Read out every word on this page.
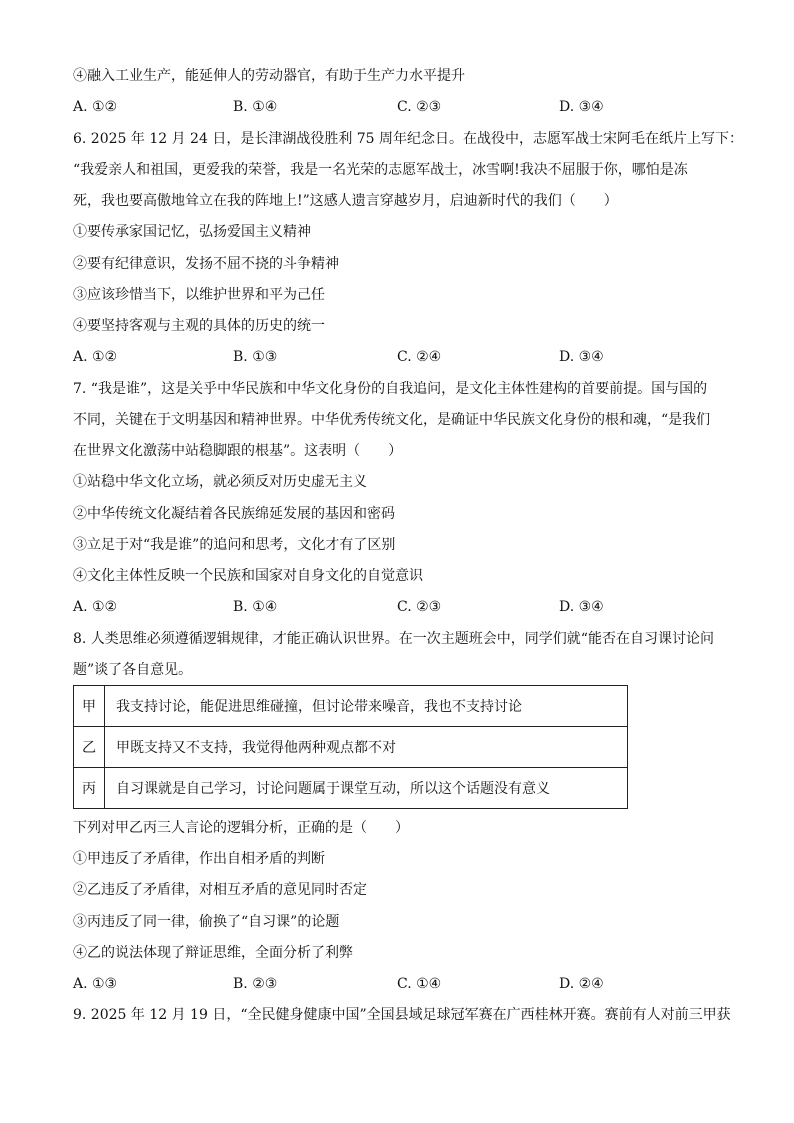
④融入工业生产，能延伸人的劳动器官，有助于生产力水平提升
A. ①②	B. ①④	C. ②③	D. ③④
6. 2025 年 12 月 24 日，是长津湖战役胜利 75 周年纪念日。在战役中，志愿军战士宋阿毛在纸片上写下：
“我爱亲人和祖国，更爱我的荣誉，我是一名光荣的志愿军战士，冰雪啊!我决不屈服于你，哪怕是冻
死，我也要高傲地耸立在我的阵地上!”这感人遗言穿越岁月，启迪新时代的我们（　　）
①要传承家国记忆，弘扬爱国主义精神
②要有纪律意识，发扬不屈不挠的斗争精神
③应该珍惜当下，以维护世界和平为己任
④要坚持客观与主观的具体的历史的统一
A. ①②	B. ①③	C. ②④	D. ③④
7. “我是谁”，这是关乎中华民族和中华文化身份的自我追问，是文化主体性建构的首要前提。国与国的
不同，关键在于文明基因和精神世界。中华优秀传统文化，是确证中华民族文化身份的根和魂，“是我们
在世界文化激荡中站稳脚跟的根基”。这表明（　　）
①站稳中华文化立场，就必须反对历史虚无主义
②中华传统文化凝结着各民族绵延发展的基因和密码
③立足于对“我是谁”的追问和思考，文化才有了区别
④文化主体性反映一个民族和国家对自身文化的自觉意识
A. ①②	B. ①④	C. ②③	D. ③④
8. 人类思维必须遵循逻辑规律，才能正确认识世界。在一次主题班会中，同学们就“能否在自习课讨论问
题”谈了各自意见。
甲	我支持讨论，能促进思维碰撞，但讨论带来噪音，我也不支持讨论
乙	甲既支持又不支持，我觉得他两种观点都不对
丙	自习课就是自己学习，讨论问题属于课堂互动，所以这个话题没有意义
下列对甲乙丙三人言论的逻辑分析，正确的是（　　）
①甲违反了矛盾律，作出自相矛盾的判断
②乙违反了矛盾律，对相互矛盾的意见同时否定
③丙违反了同一律，偷换了“自习课”的论题
④乙的说法体现了辩证思维，全面分析了利弊
A. ①③	B. ②③	C. ①④	D. ②④
9. 2025 年 12 月 19 日，“全民健身健康中国”全国县域足球冠军赛在广西桂林开赛。赛前有人对前三甲获
